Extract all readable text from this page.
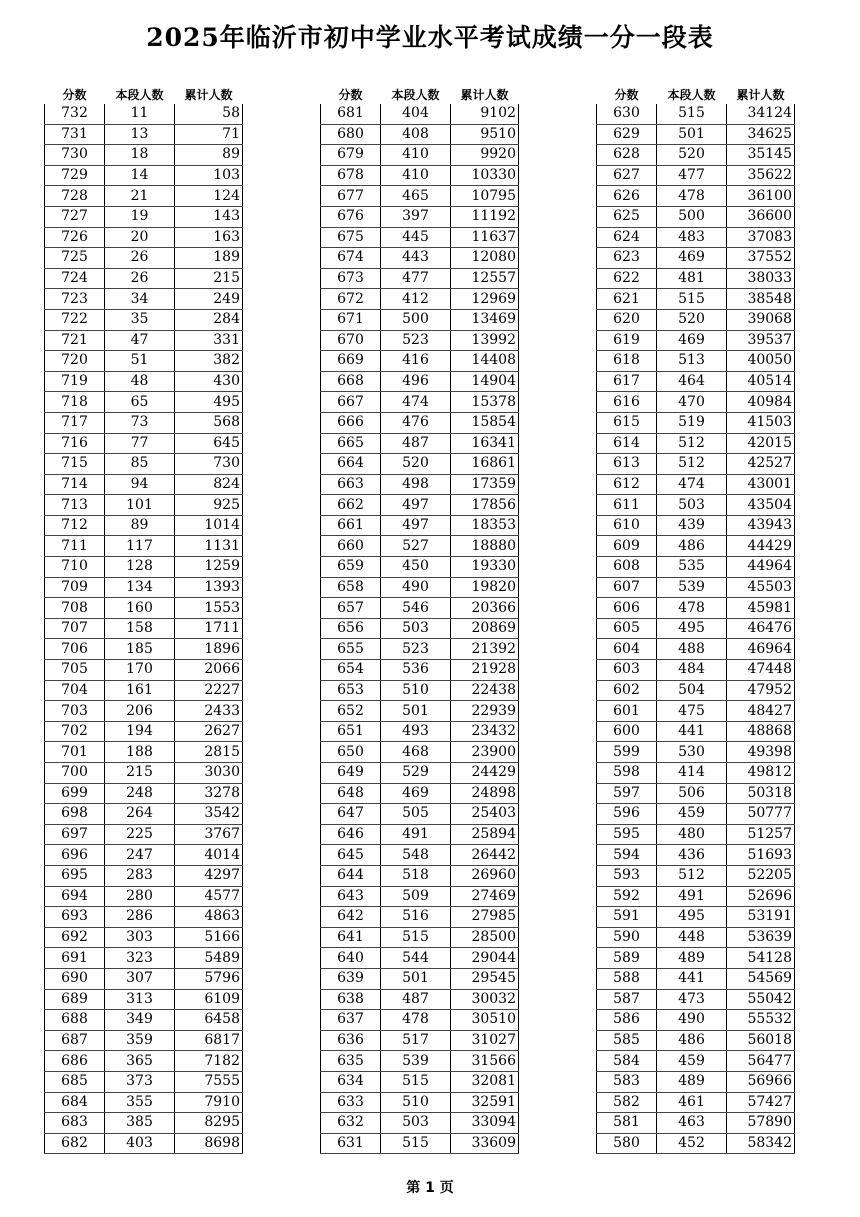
2025年临沂市初中学业水平考试成绩一分一段表
分数	本段人数	累计人数
732	11	58
731	13	71
730	18	89
729	14	103
728	21	124
727	19	143
726	20	163
725	26	189
724	26	215
723	34	249
722	35	284
721	47	331
720	51	382
719	48	430
718	65	495
717	73	568
716	77	645
715	85	730
714	94	824
713	101	925
712	89	1014
711	117	1131
710	128	1259
709	134	1393
708	160	1553
707	158	1711
706	185	1896
705	170	2066
704	161	2227
703	206	2433
702	194	2627
701	188	2815
700	215	3030
699	248	3278
698	264	3542
697	225	3767
696	247	4014
695	283	4297
694	280	4577
693	286	4863
692	303	5166
691	323	5489
690	307	5796
689	313	6109
688	349	6458
687	359	6817
686	365	7182
685	373	7555
684	355	7910
683	385	8295
682	403	8698
分数	本段人数	累计人数
681	404	9102
680	408	9510
679	410	9920
678	410	10330
677	465	10795
676	397	11192
675	445	11637
674	443	12080
673	477	12557
672	412	12969
671	500	13469
670	523	13992
669	416	14408
668	496	14904
667	474	15378
666	476	15854
665	487	16341
664	520	16861
663	498	17359
662	497	17856
661	497	18353
660	527	18880
659	450	19330
658	490	19820
657	546	20366
656	503	20869
655	523	21392
654	536	21928
653	510	22438
652	501	22939
651	493	23432
650	468	23900
649	529	24429
648	469	24898
647	505	25403
646	491	25894
645	548	26442
644	518	26960
643	509	27469
642	516	27985
641	515	28500
640	544	29044
639	501	29545
638	487	30032
637	478	30510
636	517	31027
635	539	31566
634	515	32081
633	510	32591
632	503	33094
631	515	33609
分数	本段人数	累计人数
630	515	34124
629	501	34625
628	520	35145
627	477	35622
626	478	36100
625	500	36600
624	483	37083
623	469	37552
622	481	38033
621	515	38548
620	520	39068
619	469	39537
618	513	40050
617	464	40514
616	470	40984
615	519	41503
614	512	42015
613	512	42527
612	474	43001
611	503	43504
610	439	43943
609	486	44429
608	535	44964
607	539	45503
606	478	45981
605	495	46476
604	488	46964
603	484	47448
602	504	47952
601	475	48427
600	441	48868
599	530	49398
598	414	49812
597	506	50318
596	459	50777
595	480	51257
594	436	51693
593	512	52205
592	491	52696
591	495	53191
590	448	53639
589	489	54128
588	441	54569
587	473	55042
586	490	55532
585	486	56018
584	459	56477
583	489	56966
582	461	57427
581	463	57890
580	452	58342
第 1 页
